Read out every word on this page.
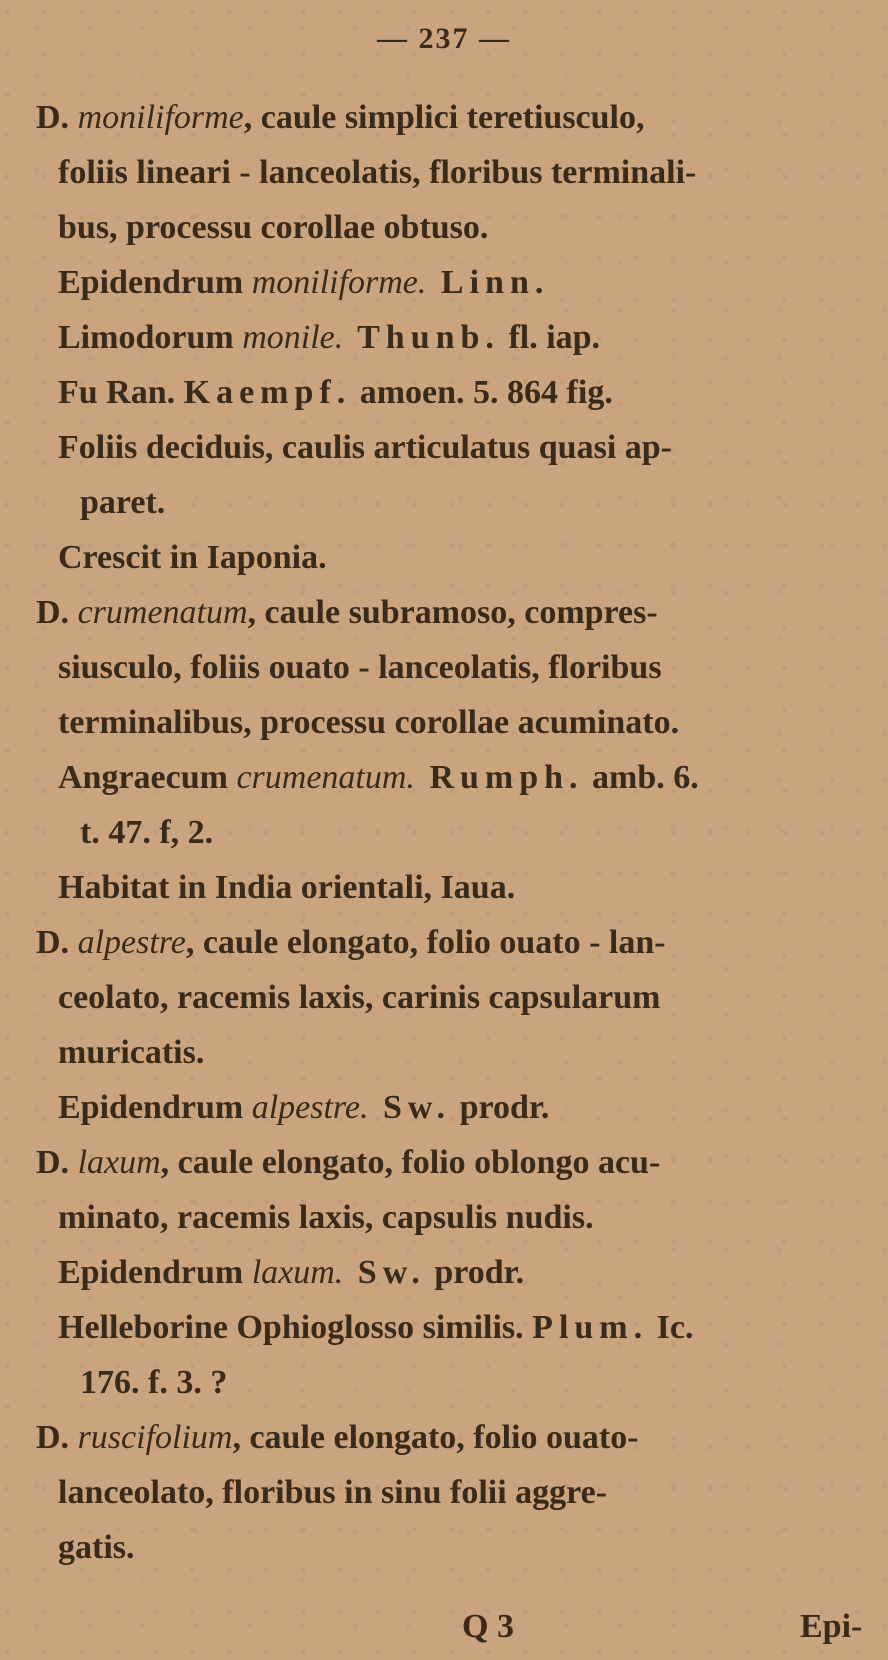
— 237 —
D. moniliforme, caule simplici teretiusculo,
foliis lineari - lanceolatis, floribus terminali-
bus, processu corollae obtuso.
Epidendrum moniliforme. Linn.
Limodorum monile. Thunb. fl. iap.
Fu Ran. Kaempf. amoen. 5. 864 fig.
Foliis deciduis, caulis articulatus quasi ap-
paret.
Crescit in Iaponia.
D. crumenatum, caule subramoso, compres-
siusculo, foliis ouato - lanceolatis, floribus
terminalibus, processu corollae acuminato.
Angraecum crumenatum. Rumph. amb. 6.
t. 47. f, 2.
Habitat in India orientali, Iaua.
D. alpestre, caule elongato, folio ouato - lan-
ceolato, racemis laxis, carinis capsularum
muricatis.
Epidendrum alpestre. Sw. prodr.
D. laxum, caule elongato, folio oblongo acu-
minato, racemis laxis, capsulis nudis.
Epidendrum laxum. Sw. prodr.
Helleborine Ophioglosso similis. Plum. Ic.
176. f. 3. ?
D. ruscifolium, caule elongato, folio ouato-
lanceolato, floribus in sinu folii aggre-
gatis.
Q 3	Epi-
